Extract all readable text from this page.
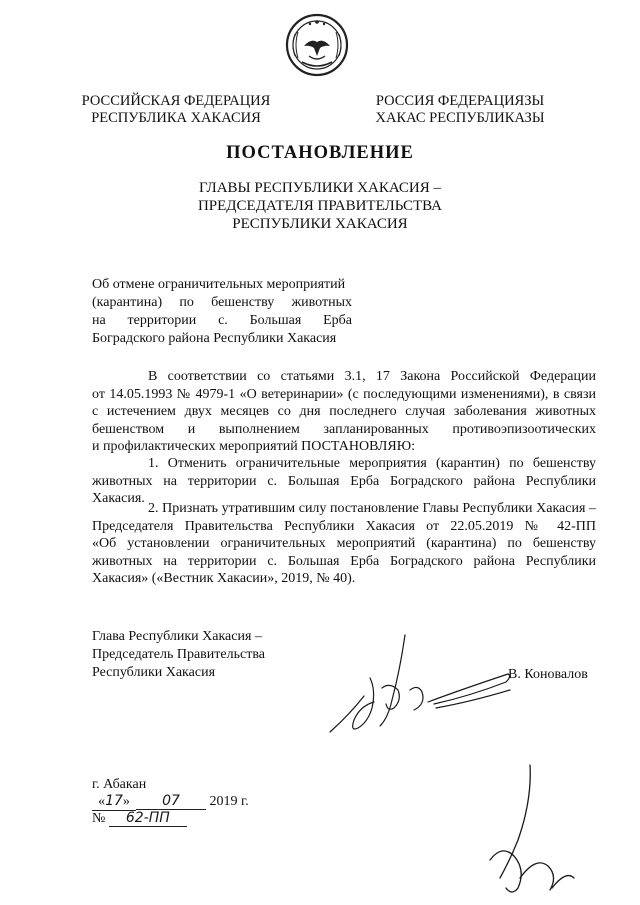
РОССИЙСКАЯ ФЕДЕРАЦИЯ
РЕСПУБЛИКА ХАКАСИЯ
РОССИЯ ФЕДЕРАЦИЯЗЫ
ХАКАС РЕСПУБЛИКАЗЫ
ПОСТАНОВЛЕНИЕ
ГЛАВЫ РЕСПУБЛИКИ ХАКАСИЯ –
ПРЕДСЕДАТЕЛЯ ПРАВИТЕЛЬСТВА
РЕСПУБЛИКИ ХАКАСИЯ
Об отмене ограничительных мероприятий
(карантина) по бешенству животных
на территории с. Большая Ерба
Боградского района Республики Хакасия
В соответствии со статьями 3.1, 17 Закона Российской Федерации
от 14.05.1993 № 4979-1 «О ветеринарии» (с последующими изменениями), в связи
с истечением двух месяцев со дня последнего случая заболевания животных
бешенством и выполнением запланированных противоэпизоотических
и профилактических мероприятий ПОСТАНОВЛЯЮ:
1. Отменить ограничительные мероприятия (карантин) по бешенству
животных на территории с. Большая Ерба Боградского района Республики
Хакасия.
2. Признать утратившим силу постановление Главы Республики Хакасия –
Председателя Правительства Республики Хакасия от 22.05.2019 № 42-ПП
«Об установлении ограничительных мероприятий (карантина) по бешенству
животных на территории с. Большая Ерба Боградского района Республики
Хакасия» («Вестник Хакасии», 2019, № 40).
Глава Республики Хакасия –
Председатель Правительства
Республики Хакасия	В. Коновалов
г. Абакан
«17» 07 2019 г.
№ 62-ПП
